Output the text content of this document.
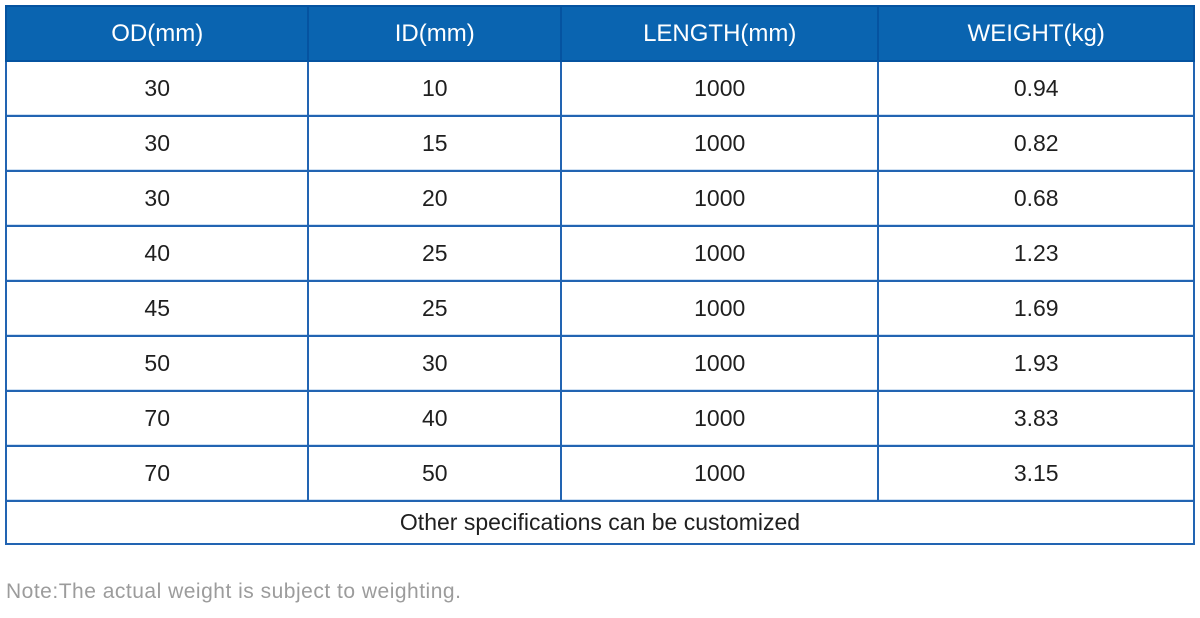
OD(mm)	ID(mm)	LENGTH(mm)	WEIGHT(kg)
30	10	1000	0.94
30	15	1000	0.82
30	20	1000	0.68
40	25	1000	1.23
45	25	1000	1.69
50	30	1000	1.93
70	40	1000	3.83
70	50	1000	3.15
Other specifications can be customized			
Note:The actual weight is subject to weighting.
